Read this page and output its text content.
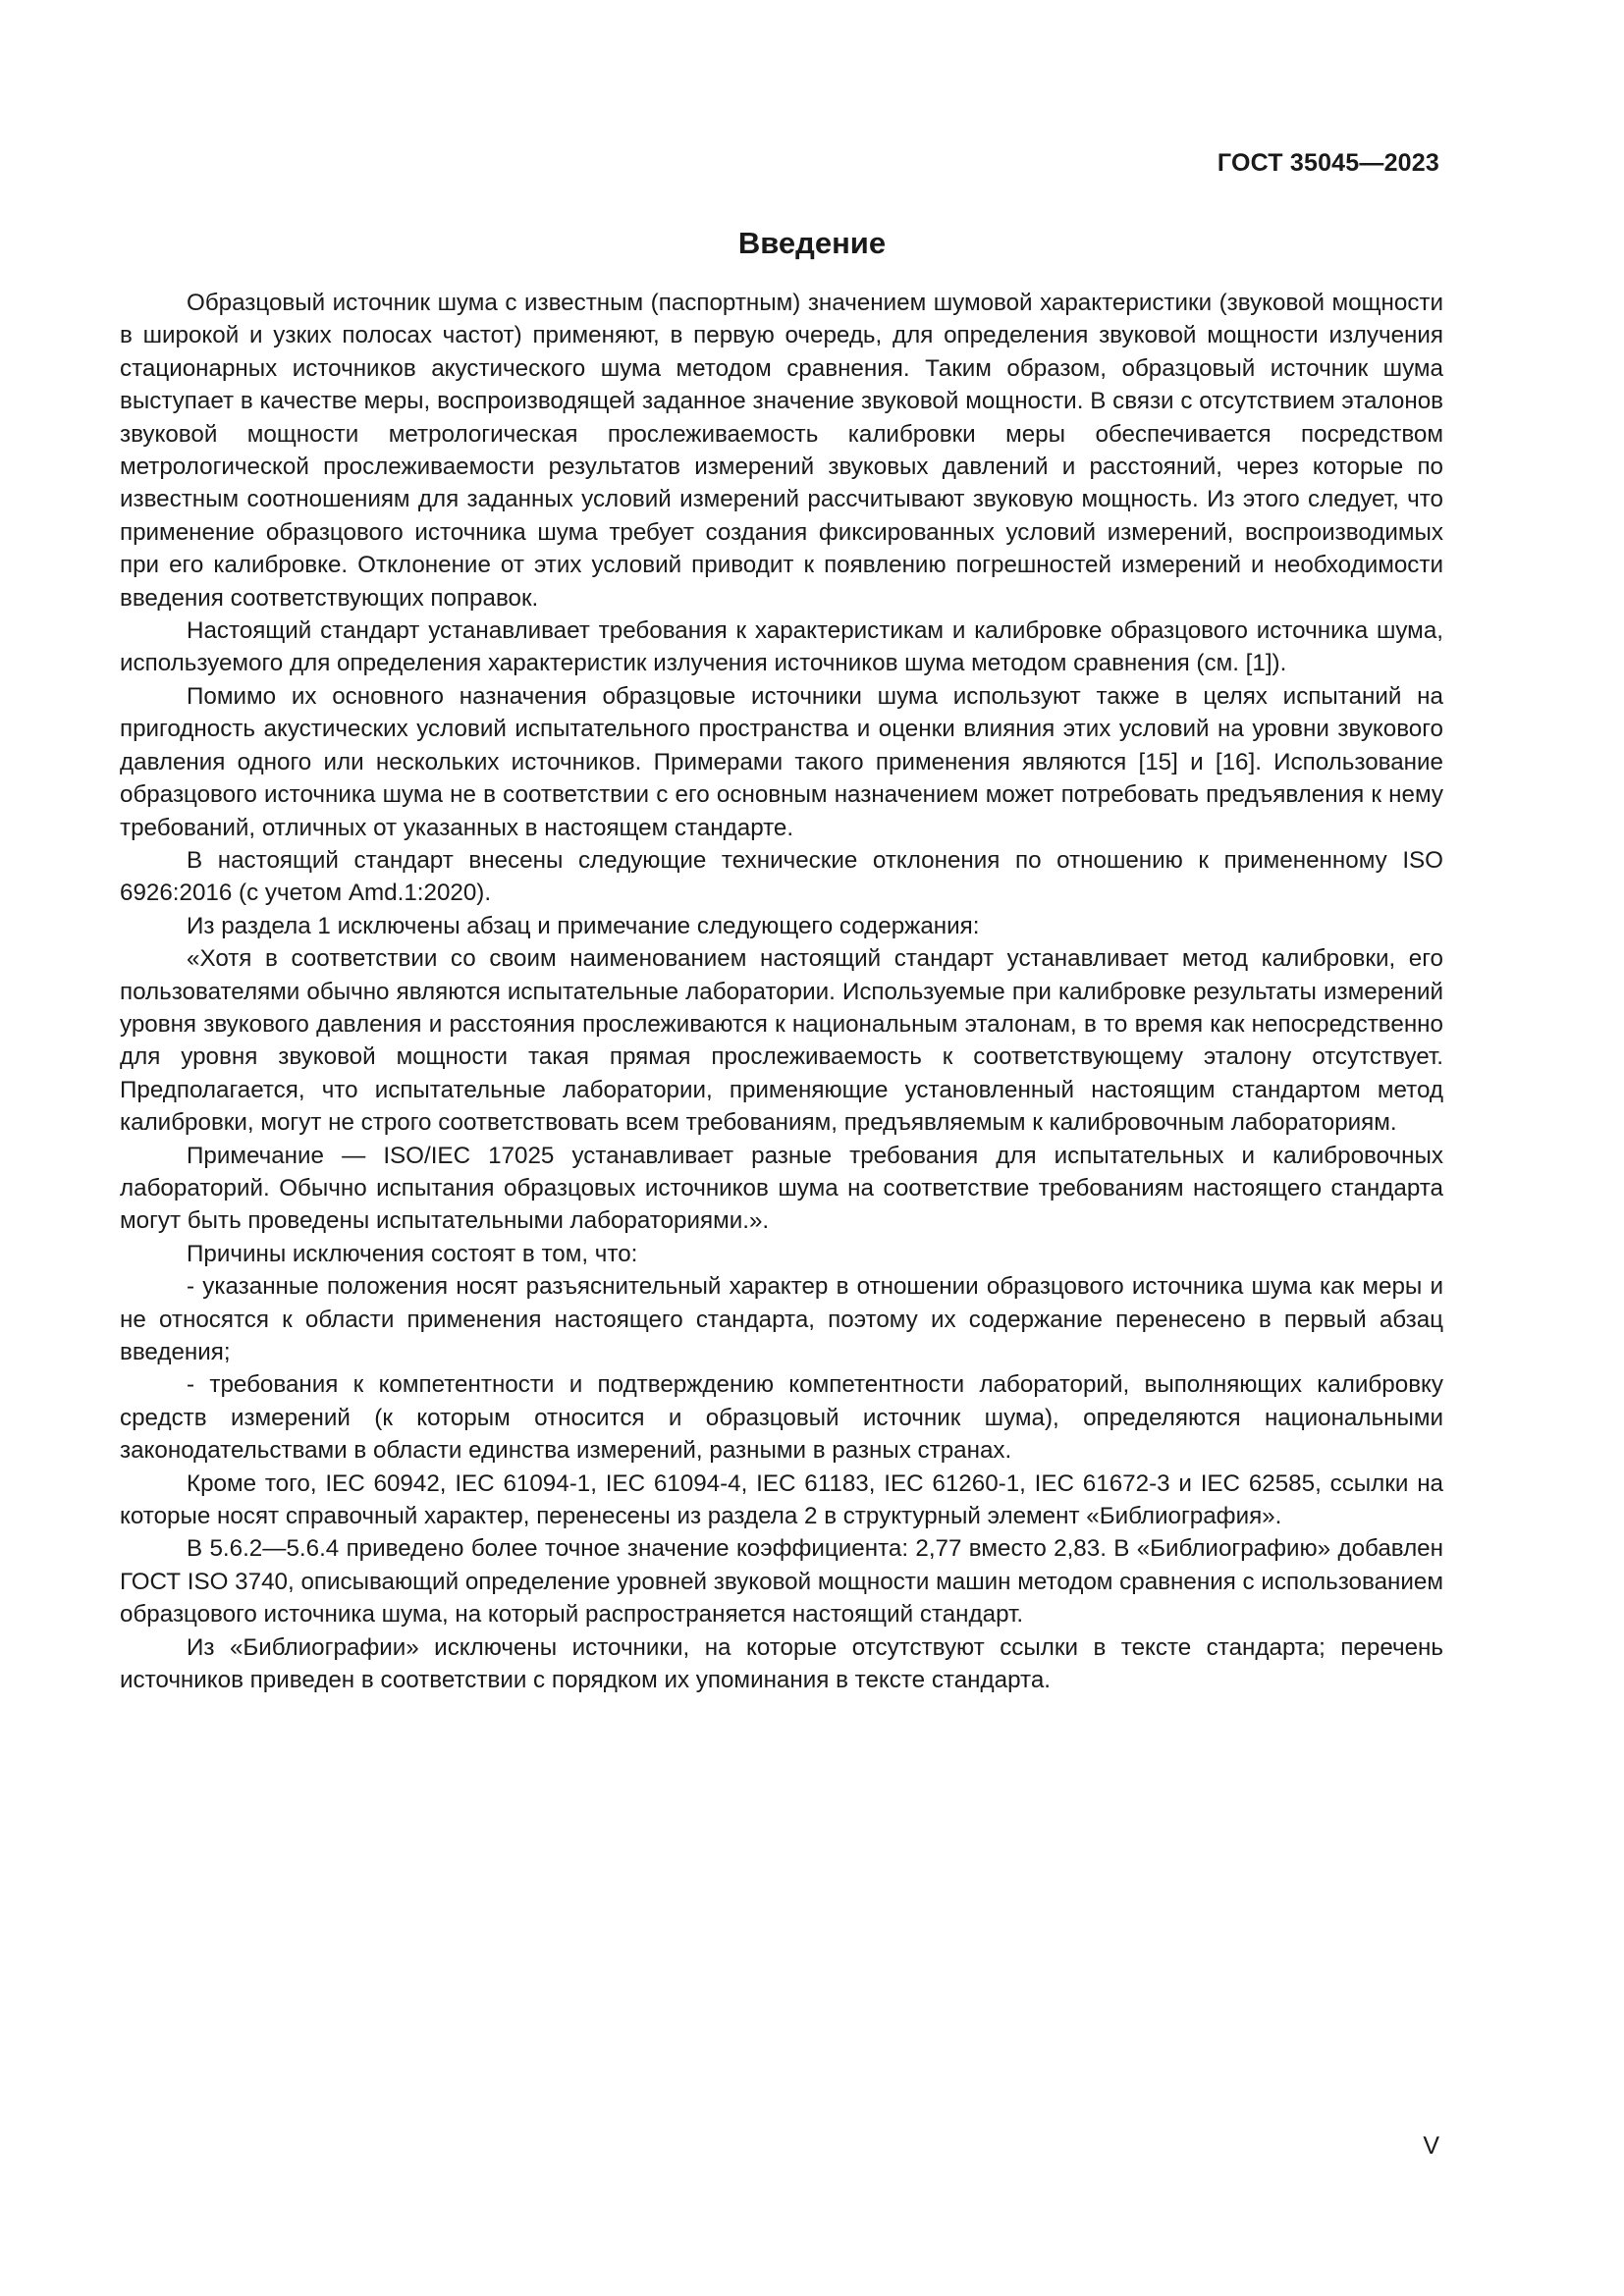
ГОСТ 35045—2023
Введение

Образцовый источник шума с известным (паспортным) значением шумовой характеристики (звуковой мощности в широкой и узких полосах частот) применяют, в первую очередь, для определения звуковой мощности излучения стационарных источников акустического шума методом сравнения. Таким образом, образцовый источник шума выступает в качестве меры, воспроизводящей заданное значение звуковой мощности. В связи с отсутствием эталонов звуковой мощности метрологическая прослеживаемость калибровки меры обеспечивается посредством метрологической прослеживаемости результатов измерений звуковых давлений и расстояний, через которые по известным соотношениям для заданных условий измерений рассчитывают звуковую мощность. Из этого следует, что применение образцового источника шума требует создания фиксированных условий измерений, воспроизводимых при его калибровке. Отклонение от этих условий приводит к появлению погрешностей измерений и необходимости введения соответствующих поправок.

Настоящий стандарт устанавливает требования к характеристикам и калибровке образцового источника шума, используемого для определения характеристик излучения источников шума методом сравнения (см. [1]).

Помимо их основного назначения образцовые источники шума используют также в целях испытаний на пригодность акустических условий испытательного пространства и оценки влияния этих условий на уровни звукового давления одного или нескольких источников. Примерами такого применения являются [15] и [16]. Использование образцового источника шума не в соответствии с его основным назначением может потребовать предъявления к нему требований, отличных от указанных в настоящем стандарте.

В настоящий стандарт внесены следующие технические отклонения по отношению к примененному ISO 6926:2016 (с учетом Amd.1:2020).

Из раздела 1 исключены абзац и примечание следующего содержания:

«Хотя в соответствии со своим наименованием настоящий стандарт устанавливает метод калибровки, его пользователями обычно являются испытательные лаборатории. Используемые при калибровке результаты измерений уровня звукового давления и расстояния прослеживаются к национальным эталонам, в то время как непосредственно для уровня звуковой мощности такая прямая прослеживаемость к соответствующему эталону отсутствует. Предполагается, что испытательные лаборатории, применяющие установленный настоящим стандартом метод калибровки, могут не строго соответствовать всем требованиям, предъявляемым к калибровочным лабораториям.

Примечание — ISO/IEC 17025 устанавливает разные требования для испытательных и калибровочных лабораторий. Обычно испытания образцовых источников шума на соответствие требованиям настоящего стандарта могут быть проведены испытательными лабораториями.».

Причины исключения состоят в том, что:

- указанные положения носят разъяснительный характер в отношении образцового источника шума как меры и не относятся к области применения настоящего стандарта, поэтому их содержание перенесено в первый абзац введения;

- требования к компетентности и подтверждению компетентности лабораторий, выполняющих калибровку средств измерений (к которым относится и образцовый источник шума), определяются национальными законодательствами в области единства измерений, разными в разных странах.

Кроме того, IEC 60942, IEC 61094-1, IEC 61094-4, IEC 61183, IEC 61260-1, IEC 61672-3 и IEC 62585, ссылки на которые носят справочный характер, перенесены из раздела 2 в структурный элемент «Библиография».

В 5.6.2—5.6.4 приведено более точное значение коэффициента: 2,77 вместо 2,83. В «Библиографию» добавлен ГОСТ ISO 3740, описывающий определение уровней звуковой мощности машин методом сравнения с использованием образцового источника шума, на который распространяется настоящий стандарт.

Из «Библиографии» исключены источники, на которые отсутствуют ссылки в тексте стандарта; перечень источников приведен в соответствии с порядком их упоминания в тексте стандарта.

V
